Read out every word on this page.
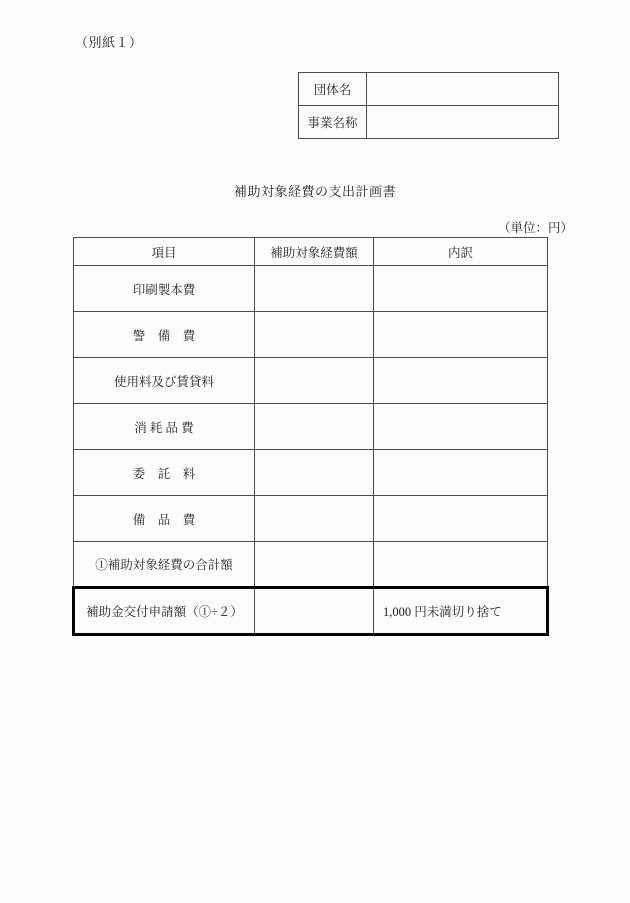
（別紙１）
団体名	
事業名称	
補助対象経費の支出計画書
（単位：円）
項目	補助対象経費額	内訳
印刷製本費		
警　備　費		
使用料及び賃貸料		
消 耗 品 費		
委　託　料		
備　品　費		
①補助対象経費の合計額		
補助金交付申請額（①÷２）		1,000 円未満切り捨て
